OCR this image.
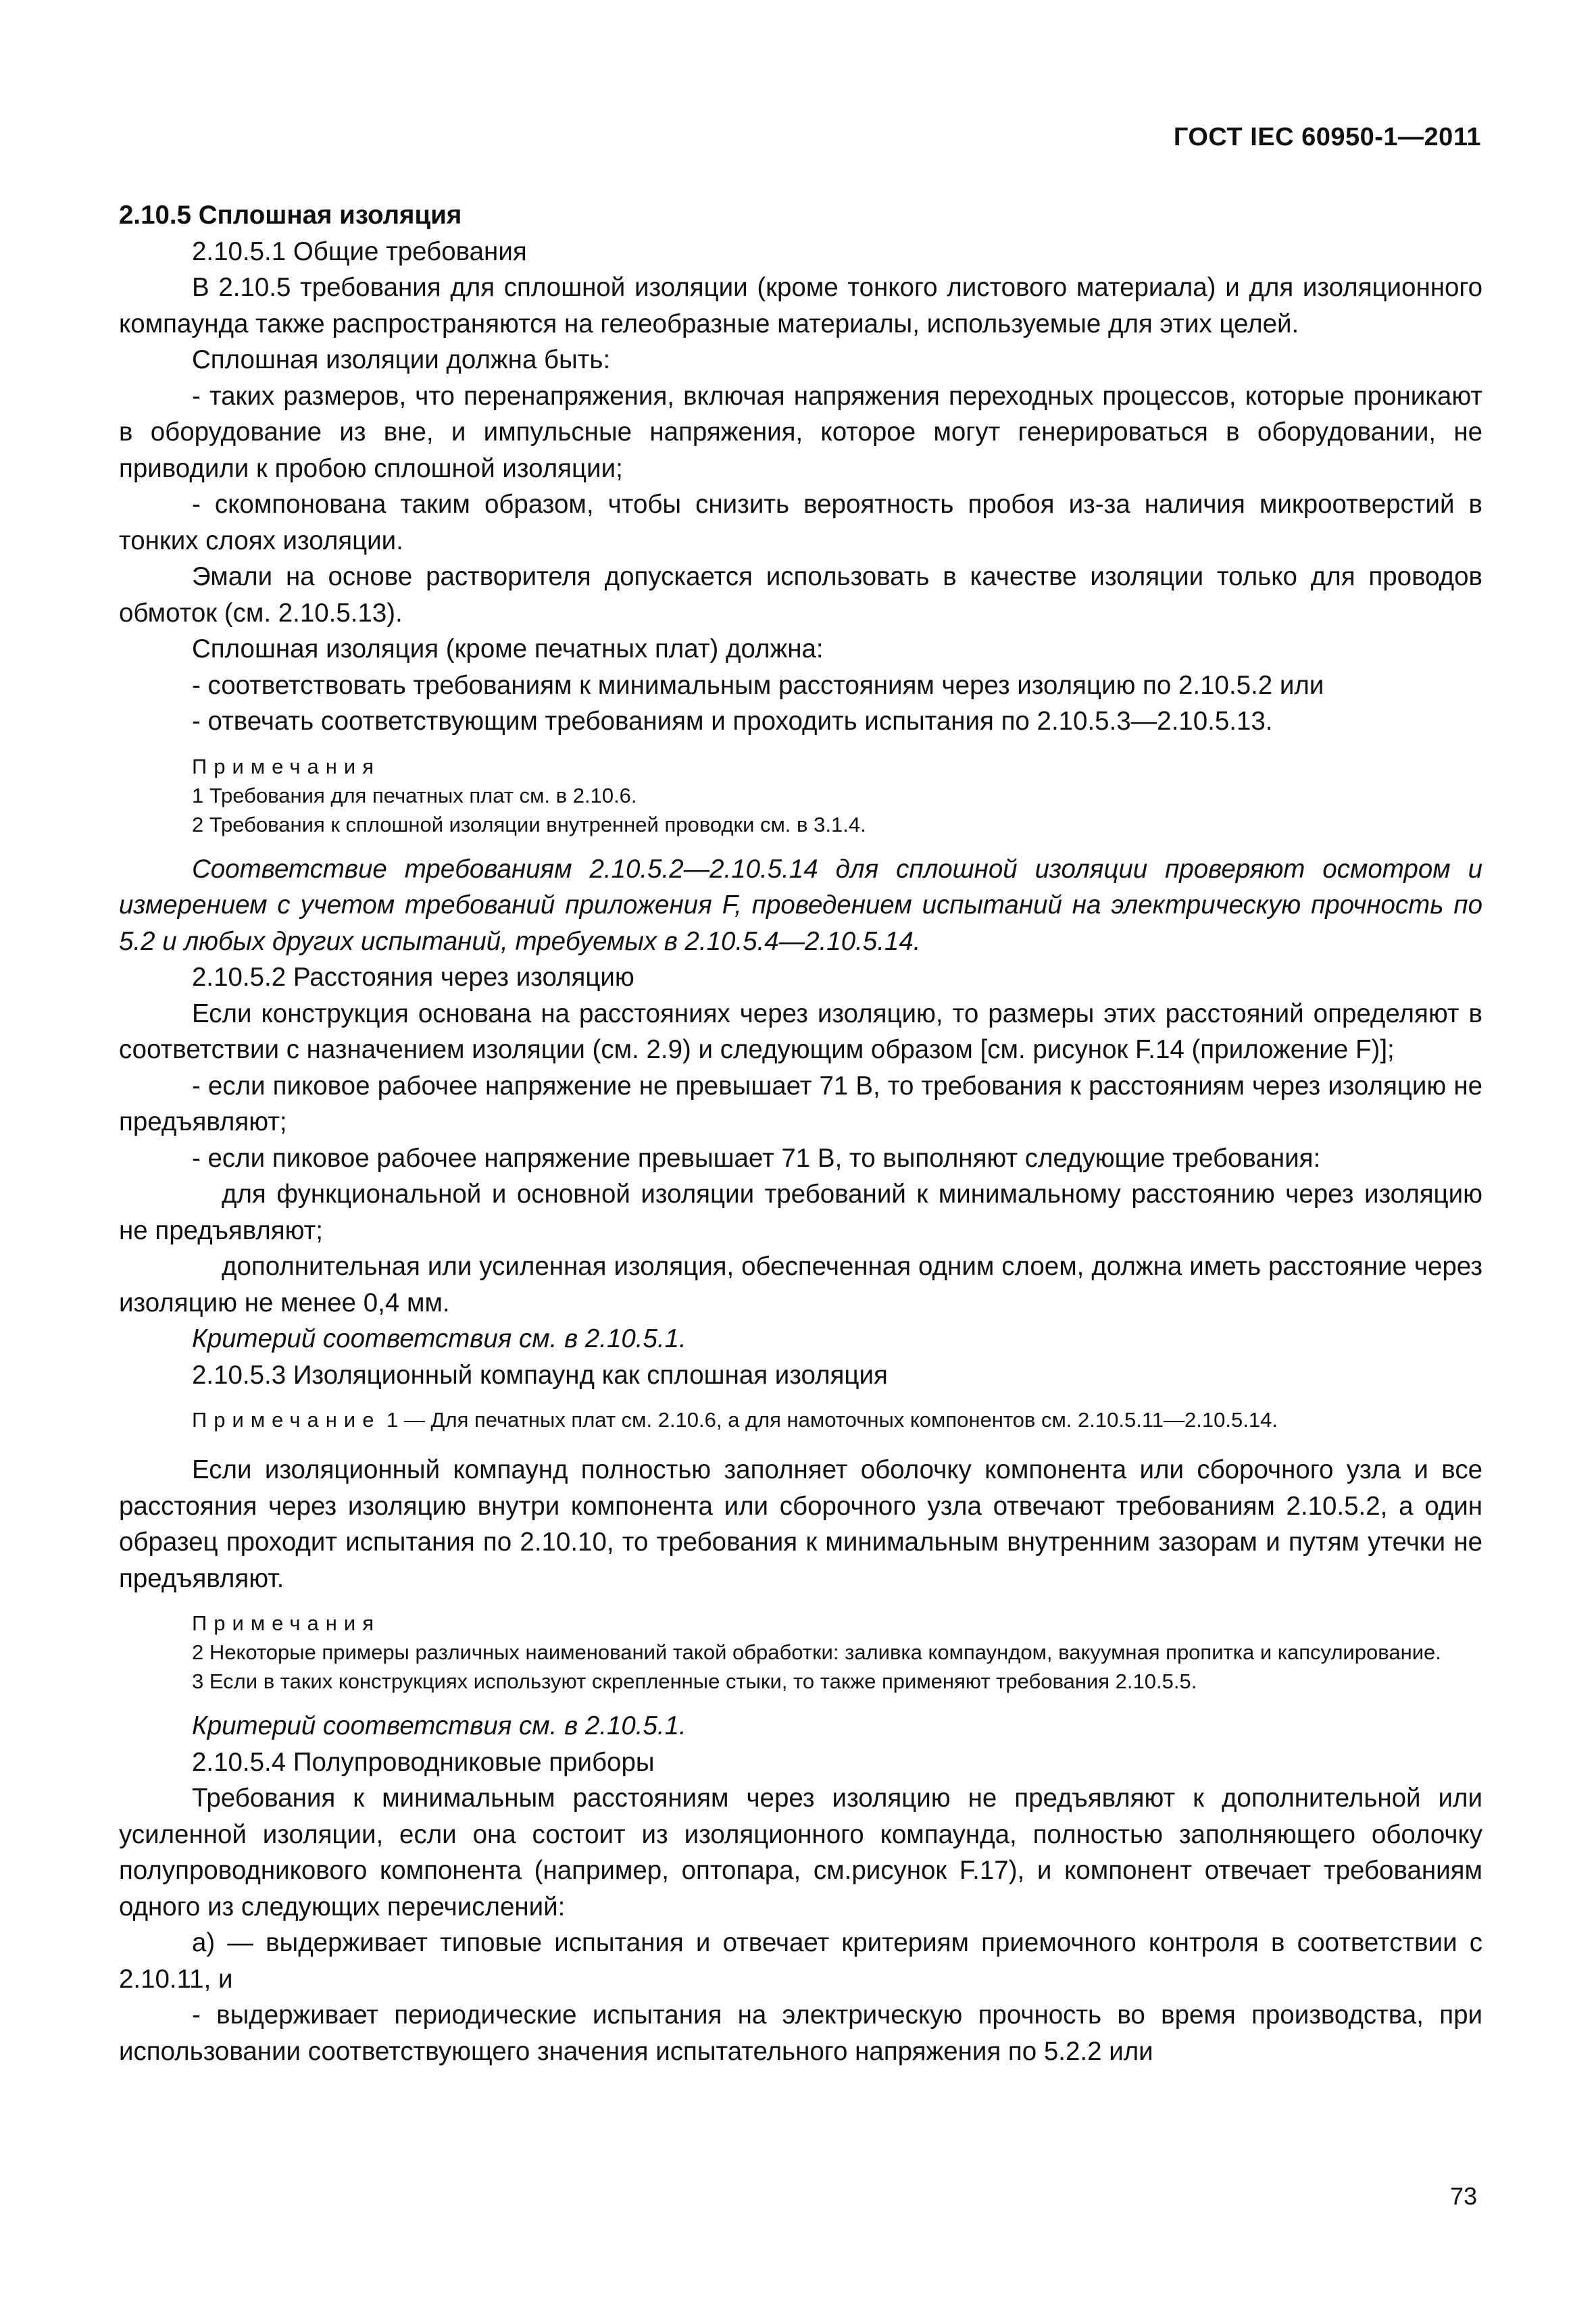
ГОСТ IEC 60950-1—2011

2.10.5 Сплошная изоляция

2.10.5.1 Общие требования

В 2.10.5 требования для сплошной изоляции (кроме тонкого листового материала) и для изоляционного компаунда также распространяются на гелеобразные материалы, используемые для этих целей.

Сплошная изоляции должна быть:

- таких размеров, что перенапряжения, включая напряжения переходных процессов, которые проникают в оборудование из вне, и импульсные напряжения, которое могут генерироваться в оборудовании, не приводили к пробою сплошной изоляции;

- скомпонована таким образом, чтобы снизить вероятность пробоя из-за наличия микроотверстий в тонких слоях изоляции.

Эмали на основе растворителя допускается использовать в качестве изоляции только для проводов обмоток (см. 2.10.5.13).

Сплошная изоляция (кроме печатных плат) должна:

- соответствовать требованиям к минимальным расстояниям через изоляцию по 2.10.5.2 или

- отвечать соответствующим требованиям и проходить испытания по 2.10.5.3—2.10.5.13.

Примечания

1 Требования для печатных плат см. в 2.10.6.

2 Требования к сплошной изоляции внутренней проводки см. в 3.1.4.

Соответствие требованиям 2.10.5.2—2.10.5.14 для сплошной изоляции проверяют осмотром и измерением с учетом требований приложения F, проведением испытаний на электрическую прочность по 5.2 и любых других испытаний, требуемых в 2.10.5.4—2.10.5.14.

2.10.5.2 Расстояния через изоляцию

Если конструкция основана на расстояниях через изоляцию, то размеры этих расстояний определяют в соответствии с назначением изоляции (см. 2.9) и следующим образом [см. рисунок F.14 (приложение F)];

- если пиковое рабочее напряжение не превышает 71 В, то требования к расстояниям через изоляцию не предъявляют;

- если пиковое рабочее напряжение превышает 71 В, то выполняют следующие требования:

для функциональной и основной изоляции требований к минимальному расстоянию через изоляцию не предъявляют;

дополнительная или усиленная изоляция, обеспеченная одним слоем, должна иметь расстояние через изоляцию не менее 0,4 мм.

Критерий соответствия см. в 2.10.5.1.

2.10.5.3 Изоляционный компаунд как сплошная изоляция

Примечание 1 — Для печатных плат см. 2.10.6, а для намоточных компонентов см. 2.10.5.11—2.10.5.14.

Если изоляционный компаунд полностью заполняет оболочку компонента или сборочного узла и все расстояния через изоляцию внутри компонента или сборочного узла отвечают требованиям 2.10.5.2, а один образец проходит испытания по 2.10.10, то требования к минимальным внутренним зазорам и путям утечки не предъявляют.

Примечания

2 Некоторые примеры различных наименований такой обработки: заливка компаундом, вакуумная пропитка и капсулирование.

3 Если в таких конструкциях используют скрепленные стыки, то также применяют требования 2.10.5.5.

Критерий соответствия см. в 2.10.5.1.

2.10.5.4 Полупроводниковые приборы

Требования к минимальным расстояниям через изоляцию не предъявляют к дополнительной или усиленной изоляции, если она состоит из изоляционного компаунда, полностью заполняющего оболочку полупроводникового компонента (например, оптопара, см.рисунок F.17), и компонент отвечает требованиям одного из следующих перечислений:

а) — выдерживает типовые испытания и отвечает критериям приемочного контроля в соответствии с 2.10.11, и

- выдерживает периодические испытания на электрическую прочность во время производства, при использовании соответствующего значения испытательного напряжения по 5.2.2 или

73
